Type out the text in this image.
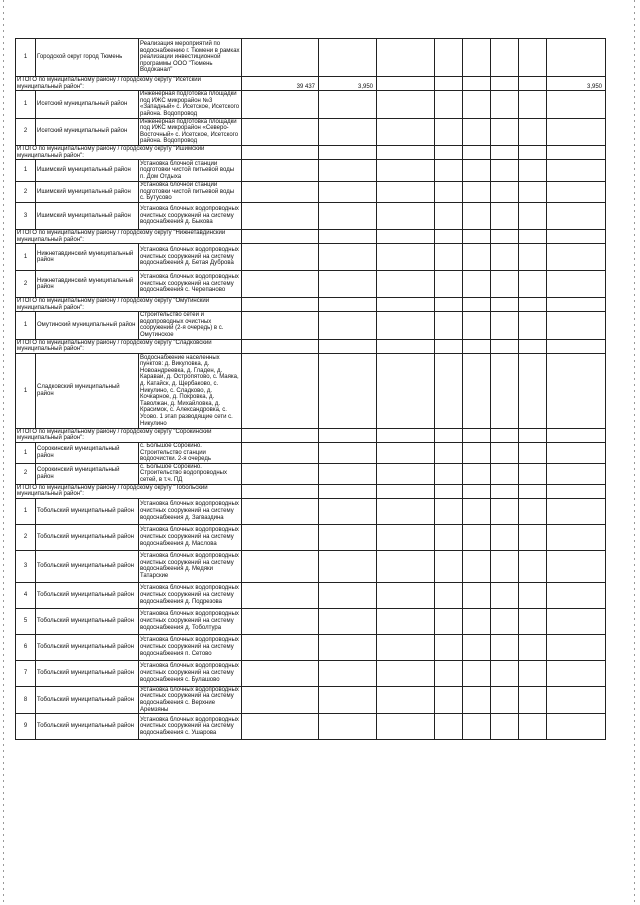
1	Городской округ город Тюмень	Реализация мероприятий по водоснабжению г. Тюмени в рамках реализации инвестиционной программы ООО "Тюмень Водоканал"								
ИТОГО по муниципальному району / городскому округу "Исетский муниципальный район":			39 437	3,950						3,950
1	Исетский муниципальный район	Инженерная подготовка площадки под ИЖС микрорайон №3 «Западный» с. Исетское, Исетского района. Водопровод								
2	Исетский муниципальный район	Инженерная подготовка площадки под ИЖС микрорайон «Северо-Восточный» с. Исетское, Исетского района. Водопровод								
ИТОГО по муниципальному району / городскому округу "Ишимский муниципальный район":										
1	Ишимский муниципальный район	Установка блочной станции подготовки чистой питьевой воды п. Дом Отдыха								
2	Ишимский муниципальный район	Установка блочной станции подготовки чистой питьевой воды с. Бутусово								
3	Ишимский муниципальный район	Установка блочных водопроводных очистных сооружений на систему водоснабжения д. Быкова								
ИТОГО по муниципальному району / городскому округу "Нижнетавдинский муниципальный район":										
1	Нижнетавдинский муниципальный район	Установка блочных водопроводных очистных сооружений на систему водоснабжения д. Бетая Дуброва								
2	Нижнетавдинский муниципальный район	Установка блочных водопроводных очистных сооружений на систему водоснабжения с. Черепаново								
ИТОГО по муниципальному району / городскому округу "Омутинский муниципальный район":										
1	Омутинский муниципальный район	Строительство сетей и водопроводных очистных сооружений (2-я очередь) в с. Омутинское								
ИТОГО по муниципальному району / городскому округу "Сладковский муниципальный район":										
1	Сладковский муниципальный район	Водоснабжение населенных пунктов: д. Викуловка, д. Новоандреевка, д. Гладен, д. Караваи, д. Остропятово, с. Маяка, д. Катайск, д. Щербаково, с. Никулино, с. Сладково, д. Кочкарное, д. Покровка, д. Таволжан, д. Михайловка, д. Красимок, с. Александровка, с. Усово. 1 этап разводящие сети с. Никулино								
ИТОГО по муниципальному району / городскому округу "Сорокинский муниципальный район":										
1	Сорокинский муниципальный район	с. Большое Сорокино. Строительство станции водоочистки. 2-я очередь								
2	Сорокинский муниципальный район	с. Большое Сорокино. Строительство водопроводных сетей, в т.ч. ПД								
ИТОГО по муниципальному району / городскому округу "Тобольский муниципальный район":										
1	Тобольский муниципальный район	Установка блочных водопроводных очистных сооружений на систему водоснабжения д. Загваздина								
2	Тобольский муниципальный район	Установка блочных водопроводных очистных сооружений на систему водоснабжения д. Маслова								
3	Тобольский муниципальный район	Установка блочных водопроводных очистных сооружений на систему водоснабжения д. Медяки Татарские								
4	Тобольский муниципальный район	Установка блочных водопроводных очистных сооружений на систему водоснабжения д. Подрезова								
5	Тобольский муниципальный район	Установка блочных водопроводных очистных сооружений на систему водоснабжения д. Тоболтура								
6	Тобольский муниципальный район	Установка блочных водопроводных очистных сооружений на систему водоснабжения п. Сетово								
7	Тобольский муниципальный район	Установка блочных водопроводных очистных сооружений на систему водоснабжения с. Булашово								
8	Тобольский муниципальный район	Установка блочных водопроводных очистных сооружений на систему водоснабжения с. Верхние Аремзяны								
9	Тобольский муниципальный район	Установка блочных водопроводных очистных сооружений на систему водоснабжения с. Ушарова								
